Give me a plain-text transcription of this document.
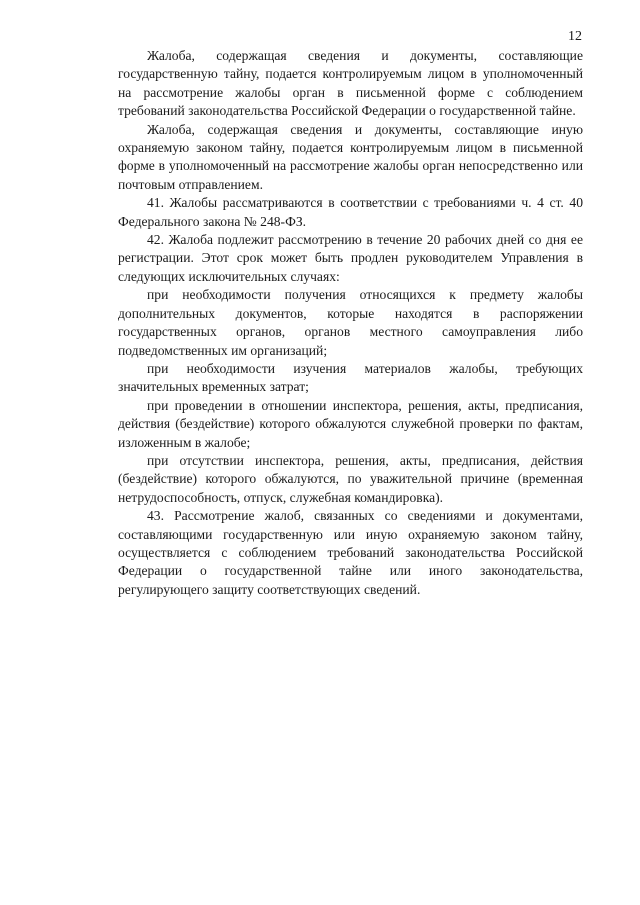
12

Жалоба, содержащая сведения и документы, составляющие государственную тайну, подается контролируемым лицом в уполномоченный на рассмотрение жалобы орган в письменной форме с соблюдением требований законодательства Российской Федерации о государственной тайне.

Жалоба, содержащая сведения и документы, составляющие иную охраняемую законом тайну, подается контролируемым лицом в письменной форме в уполномоченный на рассмотрение жалобы орган непосредственно или почтовым отправлением.

41. Жалобы рассматриваются в соответствии с требованиями ч. 4 ст. 40 Федерального закона № 248-ФЗ.

42. Жалоба подлежит рассмотрению в течение 20 рабочих дней со дня ее регистрации. Этот срок может быть продлен руководителем Управления в следующих исключительных случаях:

при необходимости получения относящихся к предмету жалобы дополнительных документов, которые находятся в распоряжении государственных органов, органов местного самоуправления либо подведомственных им организаций;

при необходимости изучения материалов жалобы, требующих значительных временных затрат;

при проведении в отношении инспектора, решения, акты, предписания, действия (бездействие) которого обжалуются служебной проверки по фактам, изложенным в жалобе;

при отсутствии инспектора, решения, акты, предписания, действия (бездействие) которого обжалуются, по уважительной причине (временная нетрудоспособность, отпуск, служебная командировка).

43. Рассмотрение жалоб, связанных со сведениями и документами, составляющими государственную или иную охраняемую законом тайну, осуществляется с соблюдением требований законодательства Российской Федерации о государственной тайне или иного законодательства, регулирующего защиту соответствующих сведений.
